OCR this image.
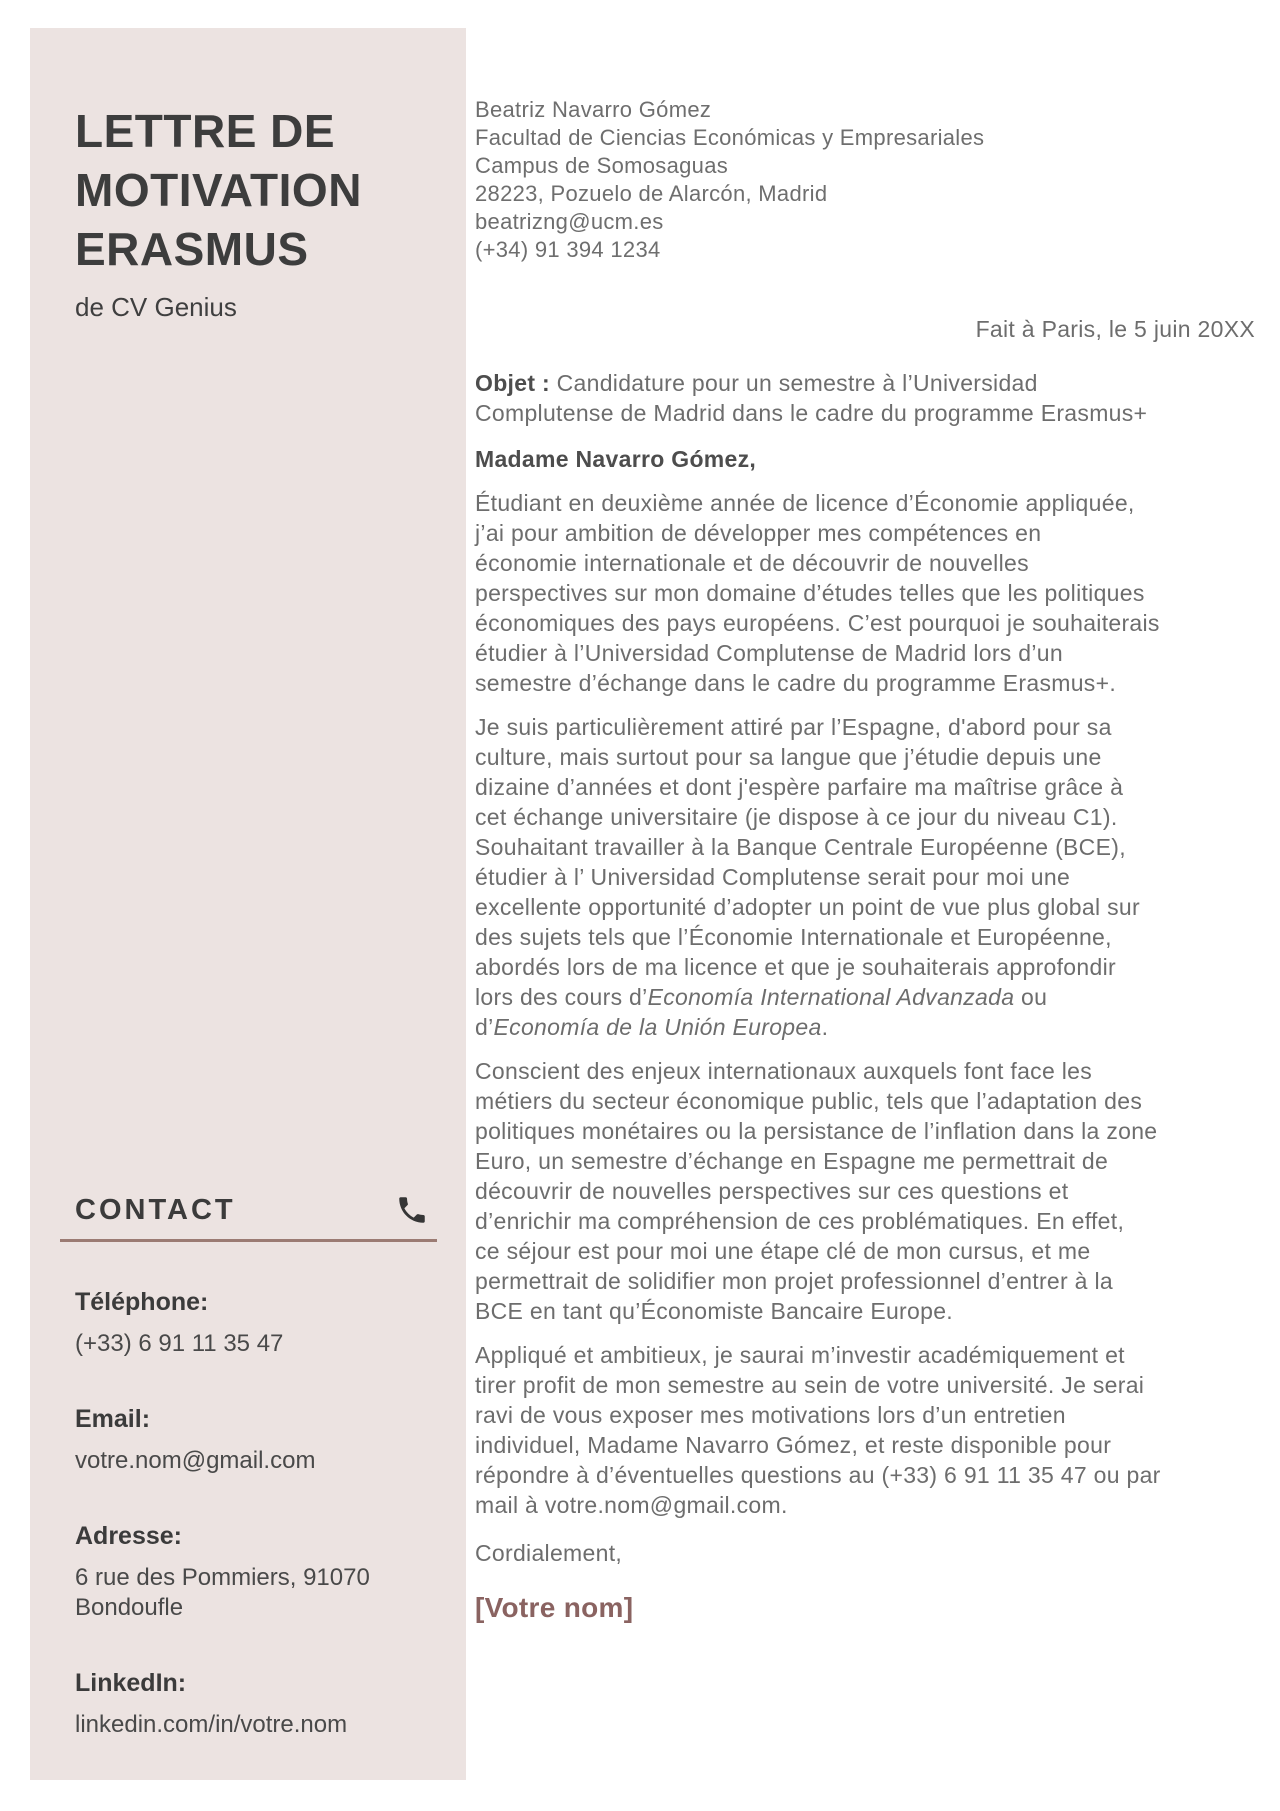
LETTRE DE
MOTIVATION
ERASMUS
de CV Genius
CONTACT
Téléphone:
(+33) 6 91 11 35 47
Email:
votre.nom@gmail.com
Adresse:
6 rue des Pommiers, 91070 Bondoufle
LinkedIn:
linkedin.com/in/votre.nom
Beatriz Navarro Gómez
Facultad de Ciencias Económicas y Empresariales
Campus de Somosaguas
28223, Pozuelo de Alarcón, Madrid
beatrizng@ucm.es
(+34) 91 394 1234
Fait à Paris, le 5 juin 20XX
Objet : Candidature pour un semestre à l’Universidad
Complutense de Madrid dans le cadre du programme Erasmus+
Madame Navarro Gómez,

Étudiant en deuxième année de licence d’Économie appliquée,
j’ai pour ambition de développer mes compétences en
économie internationale et de découvrir de nouvelles
perspectives sur mon domaine d’études telles que les politiques
économiques des pays européens. C’est pourquoi je souhaiterais
étudier à l’Universidad Complutense de Madrid lors d’un
semestre d’échange dans le cadre du programme Erasmus+.

Je suis particulièrement attiré par l’Espagne, d'abord pour sa
culture, mais surtout pour sa langue que j’étudie depuis une
dizaine d’années et dont j'espère parfaire ma maîtrise grâce à
cet échange universitaire (je dispose à ce jour du niveau C1).
Souhaitant travailler à la Banque Centrale Européenne (BCE),
étudier à l’ Universidad Complutense serait pour moi une
excellente opportunité d’adopter un point de vue plus global sur
des sujets tels que l’Économie Internationale et Européenne,
abordés lors de ma licence et que je souhaiterais approfondir
lors des cours d’Economía International Advanzada ou
d’Economía de la Unión Europea.

Conscient des enjeux internationaux auxquels font face les
métiers du secteur économique public, tels que l’adaptation des
politiques monétaires ou la persistance de l’inflation dans la zone
Euro, un semestre d’échange en Espagne me permettrait de
découvrir de nouvelles perspectives sur ces questions et
d’enrichir ma compréhension de ces problématiques. En effet,
ce séjour est pour moi une étape clé de mon cursus, et me
permettrait de solidifier mon projet professionnel d’entrer à la
BCE en tant qu’Économiste Bancaire Europe.

Appliqué et ambitieux, je saurai m’investir académiquement et
tirer profit de mon semestre au sein de votre université. Je serai
ravi de vous exposer mes motivations lors d’un entretien
individuel, Madame Navarro Gómez, et reste disponible pour
répondre à d’éventuelles questions au (+33) 6 91 11 35 47 ou par
mail à votre.nom@gmail.com.

Cordialement,
[Votre nom]
